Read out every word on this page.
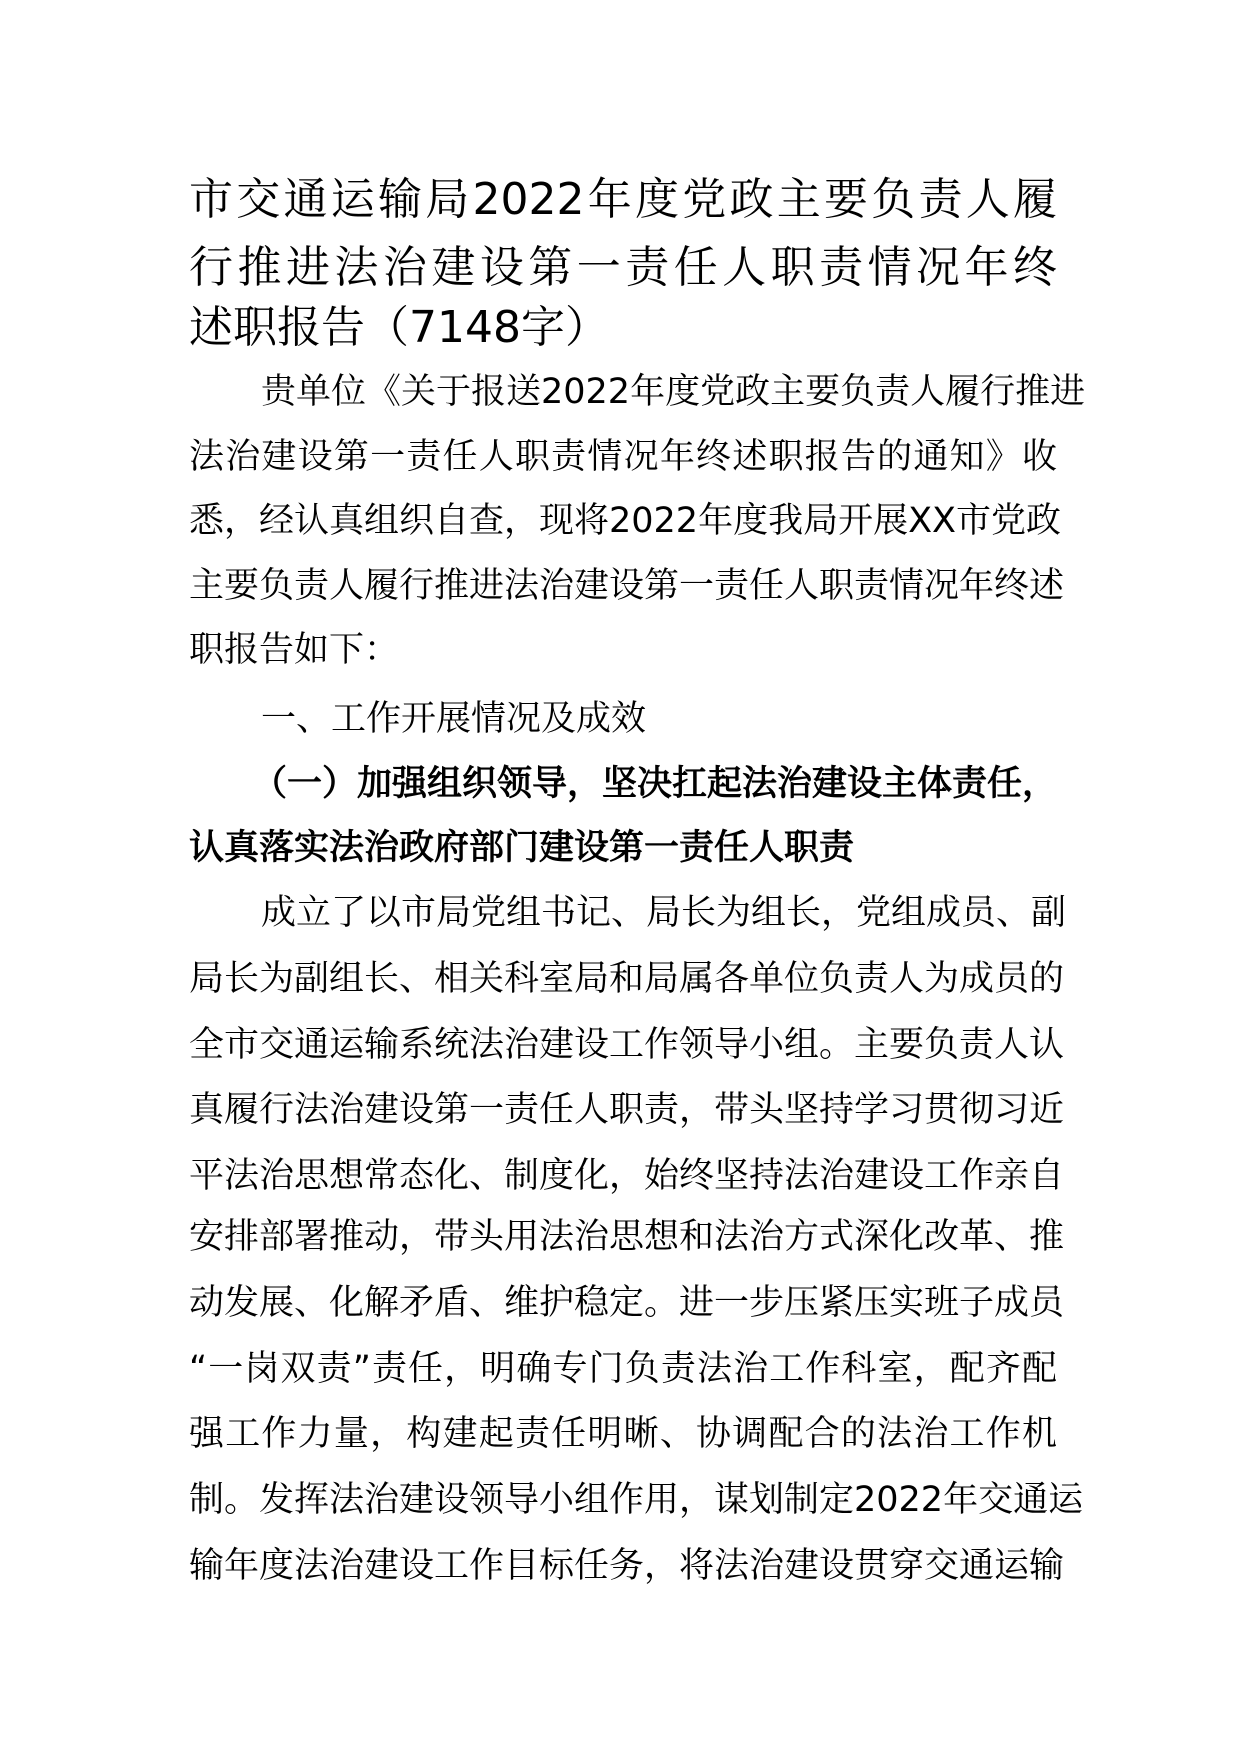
市交通运输局2022年度党政主要负责人履
行推进法治建设第一责任人职责情况年终
述职报告（7148字）
贵单位《关于报送2022年度党政主要负责人履行推进
法治建设第一责任人职责情况年终述职报告的通知》收
悉，经认真组织自查，现将2022年度我局开展XX市党政
主要负责人履行推进法治建设第一责任人职责情况年终述
职报告如下：
一、工作开展情况及成效
（一）加强组织领导，坚决扛起法治建设主体责任，
认真落实法治政府部门建设第一责任人职责
成立了以市局党组书记、局长为组长，党组成员、副
局长为副组长、相关科室局和局属各单位负责人为成员的
全市交通运输系统法治建设工作领导小组。主要负责人认
真履行法治建设第一责任人职责，带头坚持学习贯彻习近
平法治思想常态化、制度化，始终坚持法治建设工作亲自
安排部署推动，带头用法治思想和法治方式深化改革、推
动发展、化解矛盾、维护稳定。进一步压紧压实班子成员
“一岗双责”责任，明确专门负责法治工作科室，配齐配
强工作力量，构建起责任明晰、协调配合的法治工作机
制。发挥法治建设领导小组作用，谋划制定2022年交通运
输年度法治建设工作目标任务，将法治建设贯穿交通运输
